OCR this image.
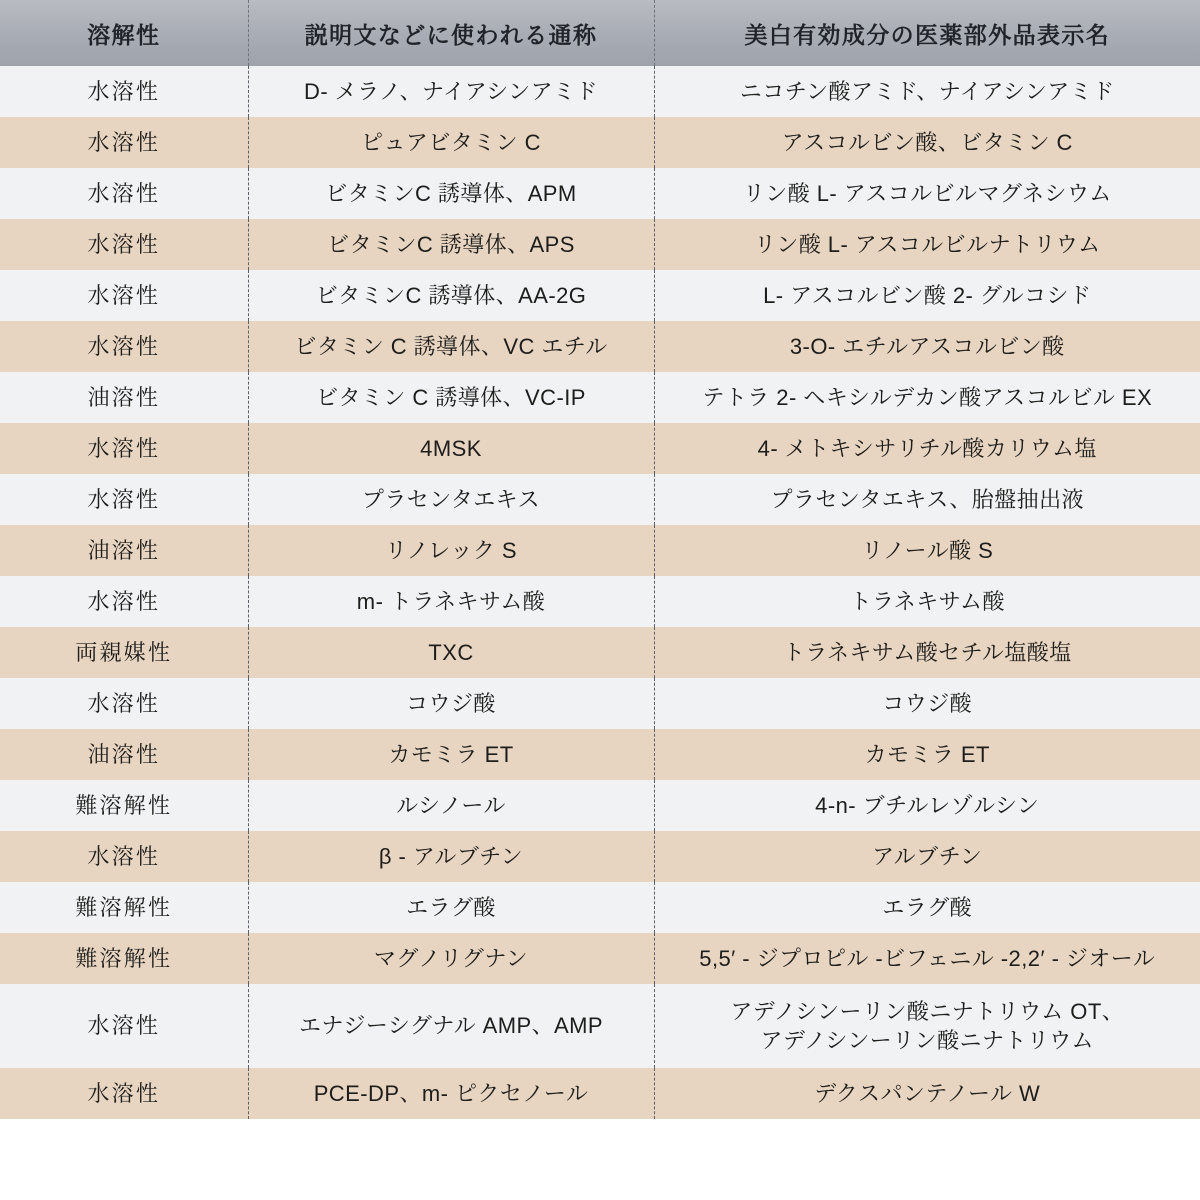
溶解性	説明文などに使われる通称	美白有効成分の医薬部外品表示名
水溶性	D- メラノ、ナイアシンアミド	ニコチン酸アミド、ナイアシンアミド
水溶性	ピュアビタミン C	アスコルビン酸、ビタミン C
水溶性	ビタミンC 誘導体、APM	リン酸 L- アスコルビルマグネシウム
水溶性	ビタミンC 誘導体、APS	リン酸 L- アスコルビルナトリウム
水溶性	ビタミンC 誘導体、AA-2G	L- アスコルビン酸 2- グルコシド
水溶性	ビタミン C 誘導体、VC エチル	3-O- エチルアスコルビン酸
油溶性	ビタミン C 誘導体、VC-IP	テトラ 2- ヘキシルデカン酸アスコルビル EX
水溶性	4MSK	4- メトキシサリチル酸カリウム塩
水溶性	プラセンタエキス	プラセンタエキス、胎盤抽出液
油溶性	リノレック S	リノール酸 S
水溶性	m- トラネキサム酸	トラネキサム酸
両親媒性	TXC	トラネキサム酸セチル塩酸塩
水溶性	コウジ酸	コウジ酸
油溶性	カモミラ ET	カモミラ ET
難溶解性	ルシノール	4-n- ブチルレゾルシン
水溶性	β - アルブチン	アルブチン
難溶解性	エラグ酸	エラグ酸
難溶解性	マグノリグナン	5,5′ - ジプロピル -ビフェニル -2,2′ - ジオール
水溶性	エナジーシグナル AMP、AMP	アデノシンーリン酸ニナトリウム OT、
アデノシンーリン酸ニナトリウム

水溶性	PCE-DP、m- ピクセノール	デクスパンテノール W
